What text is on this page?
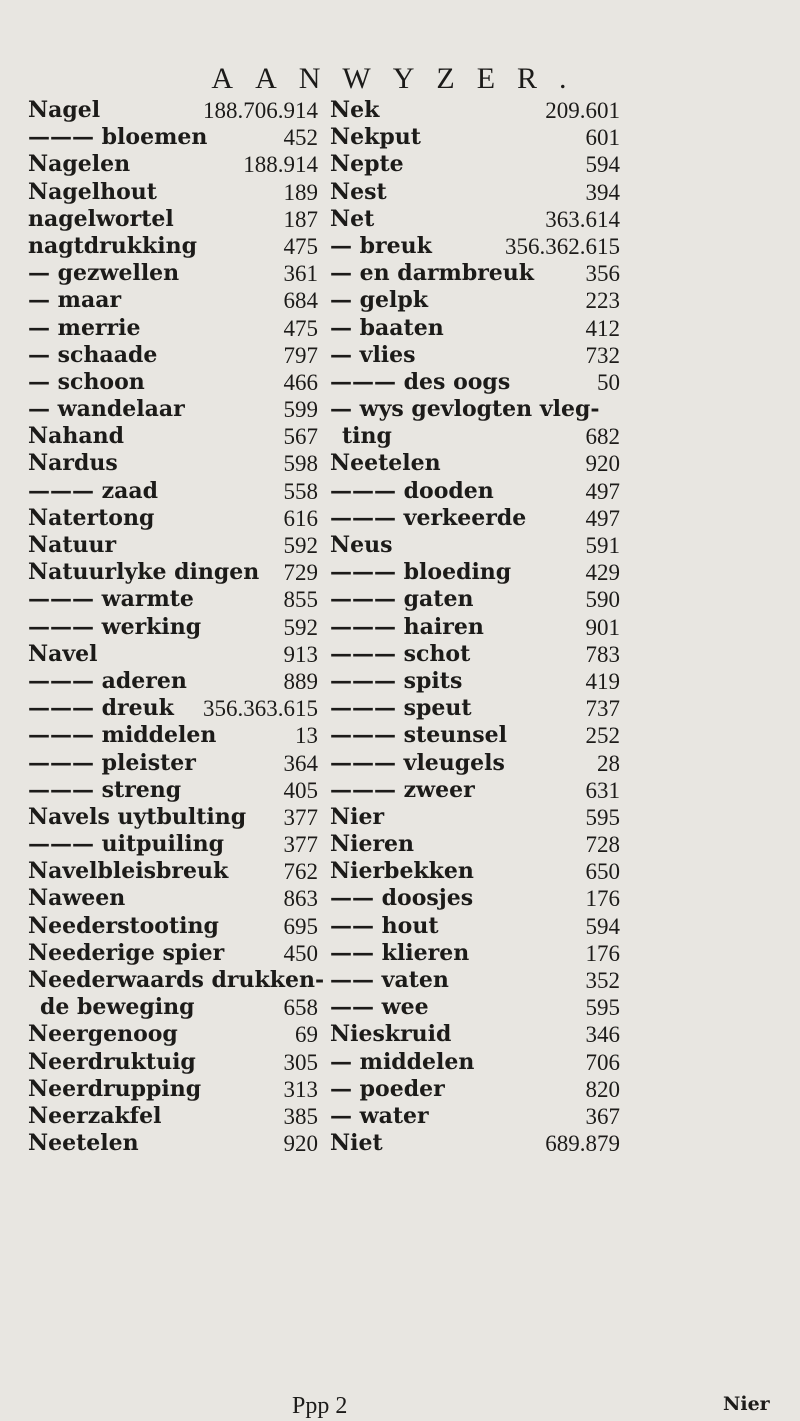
AANWYZER.
Nagel	188.706.914
——— bloemen	452
Nagelen	188.914
Nagelhout	189
nagelwortel	187
nagtdrukking	475
— gezwellen	361
— maar	684
— merrie	475
— schaade	797
— schoon	466
— wandelaar	599
Nahand	567
Nardus	598
——— zaad	558
Natertong	616
Natuur	592
Natuurlyke dingen 729
——— warmte	855
——— werking	592
Navel	913
——— aderen	889
——— dreuk 356.363.615
——— middelen	13
——— pleister	364
——— streng	405
Navels uytbulting 377
——— uitpuiling	377
Navelbleisbreuk 762
Naween	863
Neederstooting	695
Neederige spier	450
Neederwaards drukken-
de beweging	658
Neergenoog	69
Neerdruktuig	305
Neerdrupping	313
Neerzakfel	385
Neetelen	920
Nek	209.601
Nekput	601
Nepte	594
Nest	394
Net	363.614
— breuk	356.362.615
— en darmbreuk 356
— gelpk	223
— baaten	412
— vlies	732
——— des oogs	50
— wys gevlogten vleg-
ting	682
Neetelen	920
——— dooden	497
——— verkeerde	497
Neus	591
——— bloeding	429
——— gaten	590
——— hairen	901
——— schot	783
——— spits	419
——— speut	737
——— steunsel	252
——— vleugels	28
——— zweer	631
Nier	595
Nieren	728
Nierbekken	650
—— doosjes	176
—— hout	594
—— klieren	176
—— vaten	352
—— wee	595
Nieskruid	346
— middelen	706
— poeder	820
— water	367
Niet	689.879
Ppp 2	Nier
